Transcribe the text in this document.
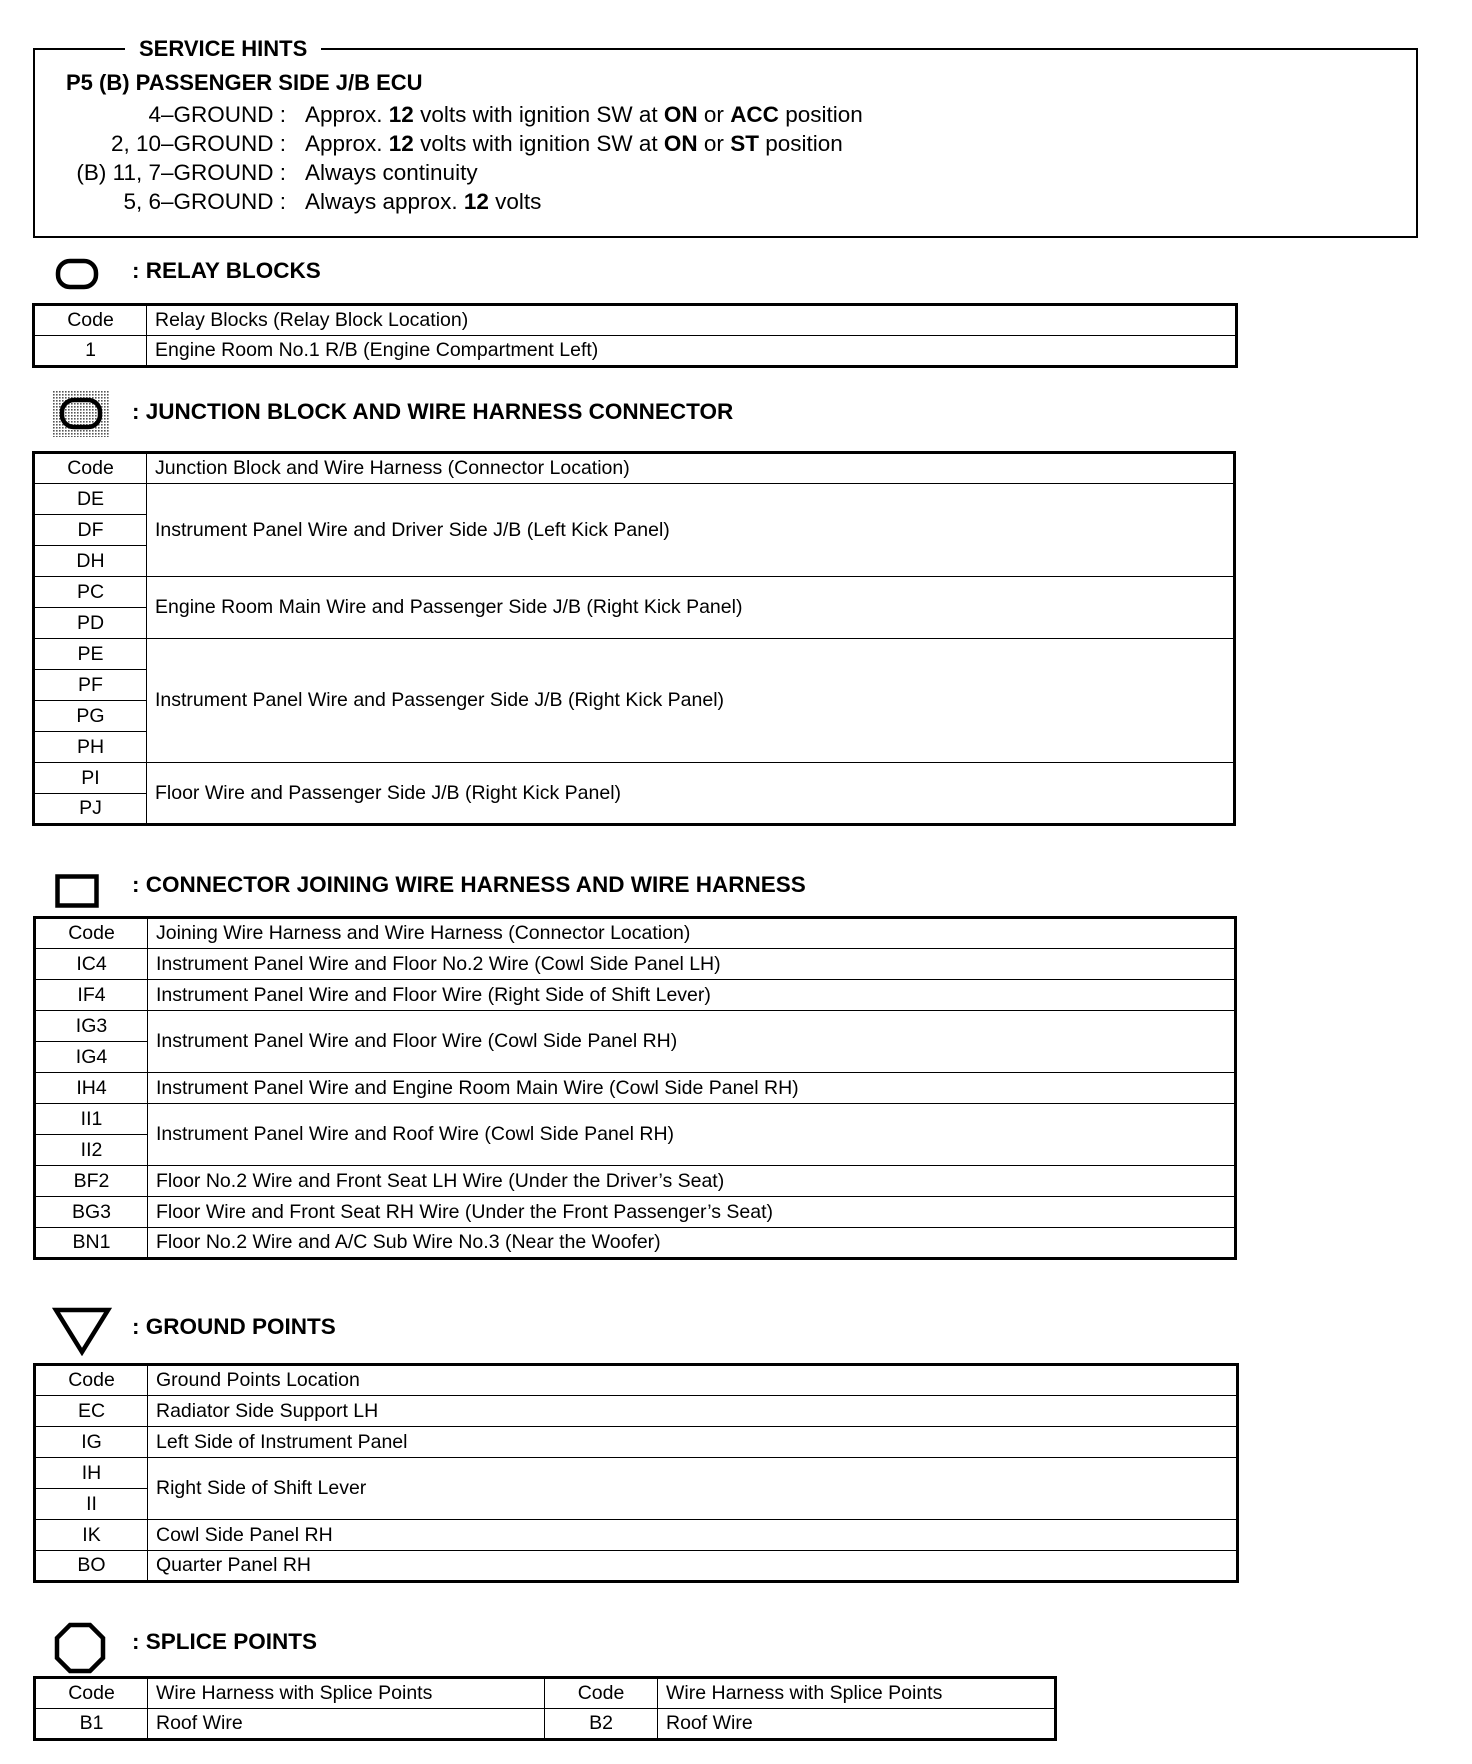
SERVICE HINTS
P5 (B) PASSENGER SIDE J/B ECU
4–GROUND : Approx. 12 volts with ignition SW at ON or ACC position
2, 10–GROUND : Approx. 12 volts with ignition SW at ON or ST position
(B) 11, 7–GROUND : Always continuity
5, 6–GROUND : Always approx. 12 volts
: RELAY BLOCKS
Code	Relay Blocks (Relay Block Location)
1	Engine Room No.1 R/B (Engine Compartment Left)
: JUNCTION BLOCK AND WIRE HARNESS CONNECTOR
Code	Junction Block and Wire Harness (Connector Location)
DE	Instrument Panel Wire and Driver Side J/B (Left Kick Panel)
DF	
DH	
PC	Engine Room Main Wire and Passenger Side J/B (Right Kick Panel)
PD	
PE	Instrument Panel Wire and Passenger Side J/B (Right Kick Panel)
PF	
PG	
PH	
PI	Floor Wire and Passenger Side J/B (Right Kick Panel)
PJ	
: CONNECTOR JOINING WIRE HARNESS AND WIRE HARNESS
Code	Joining Wire Harness and Wire Harness (Connector Location)
IC4	Instrument Panel Wire and Floor No.2 Wire (Cowl Side Panel LH)
IF4	Instrument Panel Wire and Floor Wire (Right Side of Shift Lever)
IG3	Instrument Panel Wire and Floor Wire (Cowl Side Panel RH)
IG4	
IH4	Instrument Panel Wire and Engine Room Main Wire (Cowl Side Panel RH)
II1	Instrument Panel Wire and Roof Wire (Cowl Side Panel RH)
II2	
BF2	Floor No.2 Wire and Front Seat LH Wire (Under the Driver’s Seat)
BG3	Floor Wire and Front Seat RH Wire (Under the Front Passenger’s Seat)
BN1	Floor No.2 Wire and A/C Sub Wire No.3 (Near the Woofer)
: GROUND POINTS
Code	Ground Points Location
EC	Radiator Side Support LH
IG	Left Side of Instrument Panel
IH	Right Side of Shift Lever
II	
IK	Cowl Side Panel RH
BO	Quarter Panel RH
: SPLICE POINTS
Code	Wire Harness with Splice Points	Code	Wire Harness with Splice Points
B1	Roof Wire	B2	Roof Wire
